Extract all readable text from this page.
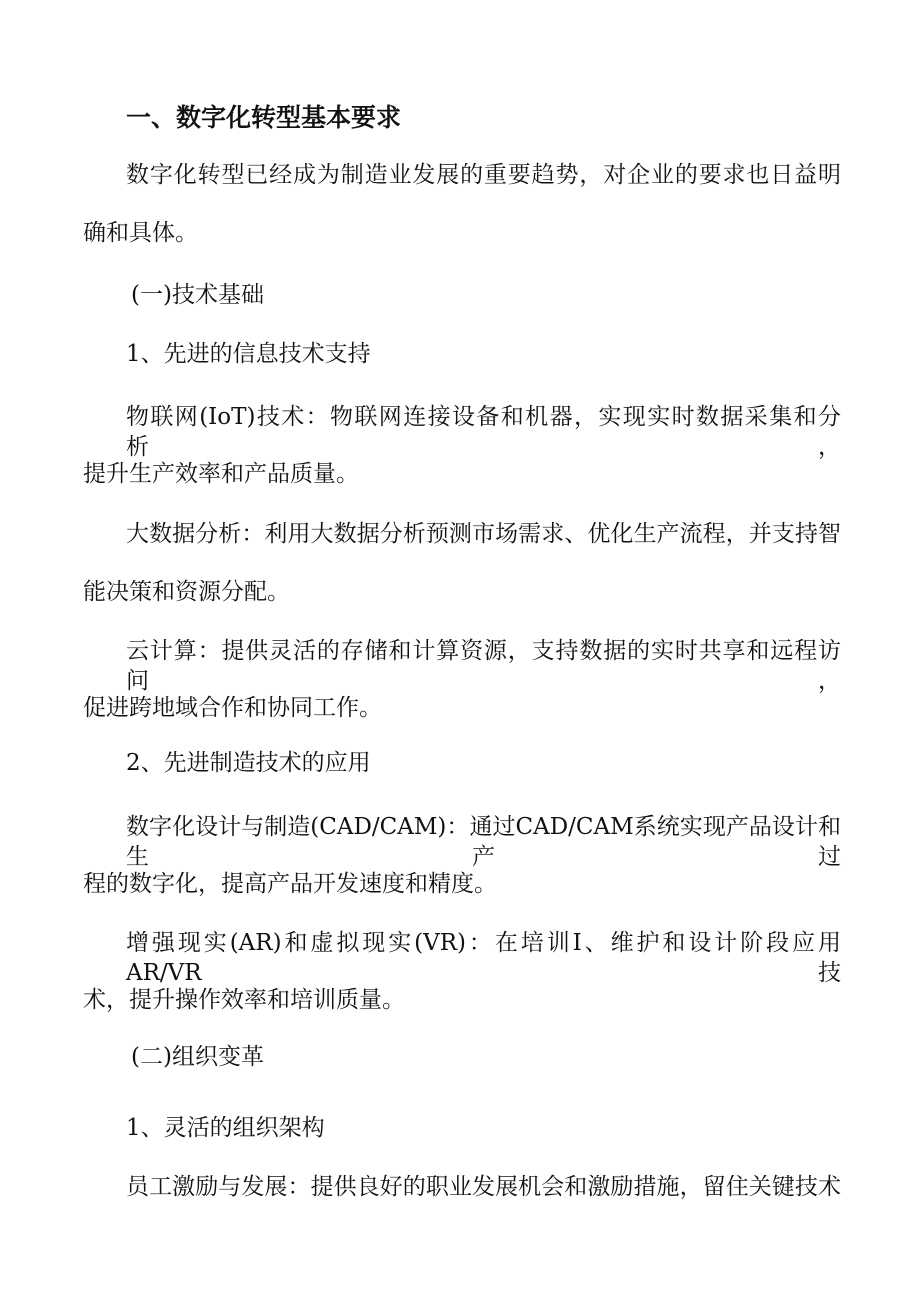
一、数字化转型基本要求

数字化转型已经成为制造业发展的重要趋势，对企业的要求也日益明
确和具体。

(一)技术基础

1、先进的信息技术支持

物联网(IoT)技术：物联网连接设备和机器，实现实时数据采集和分析，
提升生产效率和产品质量。

大数据分析：利用大数据分析预测市场需求、优化生产流程，并支持智
能决策和资源分配。

云计算：提供灵活的存储和计算资源，支持数据的实时共享和远程访问，
促进跨地域合作和协同工作。

2、先进制造技术的应用

数字化设计与制造(CAD/CAM)：通过CAD/CAM系统实现产品设计和生产过
程的数字化，提高产品开发速度和精度。

增强现实(AR)和虚拟现实(VR)：在培训I、维护和设计阶段应用AR/VR技
术，提升操作效率和培训质量。

(二)组织变革

1、灵活的组织架构

员工激励与发展：提供良好的职业发展机会和激励措施，留住关键技术
